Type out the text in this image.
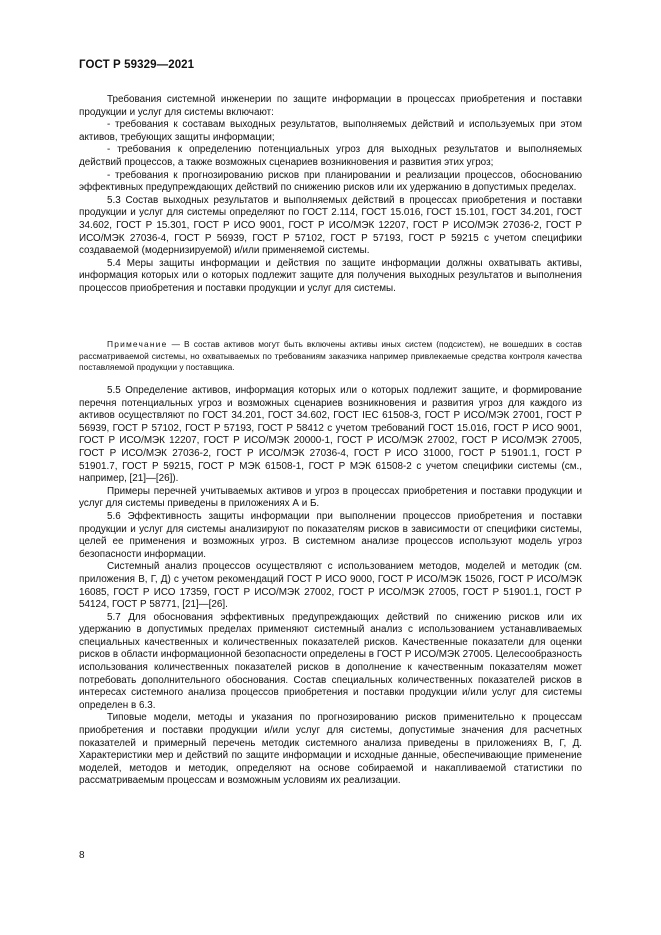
ГОСТ Р 59329—2021

Требования системной инженерии по защите информации в процессах приобретения и поставки продукции и услуг для системы включают:

- требования к составам выходных результатов, выполняемых действий и используемых при этом активов, требующих защиты информации;

- требования к определению потенциальных угроз для выходных результатов и выполняемых действий процессов, а также возможных сценариев возникновения и развития этих угроз;

- требования к прогнозированию рисков при планировании и реализации процессов, обоснованию эффективных предупреждающих действий по снижению рисков или их удержанию в допустимых пределах.

5.3 Состав выходных результатов и выполняемых действий в процессах приобретения и поставки продукции и услуг для системы определяют по ГОСТ 2.114, ГОСТ 15.016, ГОСТ 15.101, ГОСТ 34.201, ГОСТ 34.602, ГОСТ Р 15.301, ГОСТ Р ИСО 9001, ГОСТ Р ИСО/МЭК 12207, ГОСТ Р ИСО/МЭК 27036-2, ГОСТ Р ИСО/МЭК 27036-4, ГОСТ Р 56939, ГОСТ Р 57102, ГОСТ Р 57193, ГОСТ Р 59215 с учетом специфики создаваемой (модернизируемой) и/или применяемой системы.

5.4 Меры защиты информации и действия по защите информации должны охватывать активы, информация которых или о которых подлежит защите для получения выходных результатов и выполнения процессов приобретения и поставки продукции и услуг для системы.

Примечание — В состав активов могут быть включены активы иных систем (подсистем), не вошедших в состав рассматриваемой системы, но охватываемых по требованиям заказчика например привлекаемые средства контроля качества поставляемой продукции у поставщика.

5.5 Определение активов, информация которых или о которых подлежит защите, и формирование перечня потенциальных угроз и возможных сценариев возникновения и развития угроз для каждого из активов осуществляют по ГОСТ 34.201, ГОСТ 34.602, ГОСТ IEC 61508-3, ГОСТ Р ИСО/МЭК 27001, ГОСТ Р 56939, ГОСТ Р 57102, ГОСТ Р 57193, ГОСТ Р 58412 с учетом требований ГОСТ 15.016, ГОСТ Р ИСО 9001, ГОСТ Р ИСО/МЭК 12207, ГОСТ Р ИСО/МЭК 20000-1, ГОСТ Р ИСО/МЭК 27002, ГОСТ Р ИСО/МЭК 27005, ГОСТ Р ИСО/МЭК 27036-2, ГОСТ Р ИСО/МЭК 27036-4, ГОСТ Р ИСО 31000, ГОСТ Р 51901.1, ГОСТ Р 51901.7, ГОСТ Р 59215, ГОСТ Р МЭК 61508-1, ГОСТ Р МЭК 61508-2 с учетом специфики системы (см., например, [21]—[26]).

Примеры перечней учитываемых активов и угроз в процессах приобретения и поставки продукции и услуг для системы приведены в приложениях А и Б.

5.6 Эффективность защиты информации при выполнении процессов приобретения и поставки продукции и услуг для системы анализируют по показателям рисков в зависимости от специфики системы, целей ее применения и возможных угроз. В системном анализе процессов используют модель угроз безопасности информации.

Системный анализ процессов осуществляют с использованием методов, моделей и методик (см. приложения В, Г, Д) с учетом рекомендаций ГОСТ Р ИСО 9000, ГОСТ Р ИСО/МЭК 15026, ГОСТ Р ИСО/МЭК 16085, ГОСТ Р ИСО 17359, ГОСТ Р ИСО/МЭК 27002, ГОСТ Р ИСО/МЭК 27005, ГОСТ Р 51901.1, ГОСТ Р 54124, ГОСТ Р 58771, [21]—[26].

5.7 Для обоснования эффективных предупреждающих действий по снижению рисков или их удержанию в допустимых пределах применяют системный анализ с использованием устанавливаемых специальных качественных и количественных показателей рисков. Качественные показатели для оценки рисков в области информационной безопасности определены в ГОСТ Р ИСО/МЭК 27005. Целесообразность использования количественных показателей рисков в дополнение к качественным показателям может потребовать дополнительного обоснования. Состав специальных количественных показателей рисков в интересах системного анализа процессов приобретения и поставки продукции и/или услуг для системы определен в 6.3.

Типовые модели, методы и указания по прогнозированию рисков применительно к процессам приобретения и поставки продукции и/или услуг для системы, допустимые значения для расчетных показателей и примерный перечень методик системного анализа приведены в приложениях В, Г, Д. Характеристики мер и действий по защите информации и исходные данные, обеспечивающие применение моделей, методов и методик, определяют на основе собираемой и накапливаемой статистики по рассматриваемым процессам и возможным условиям их реализации.

8
